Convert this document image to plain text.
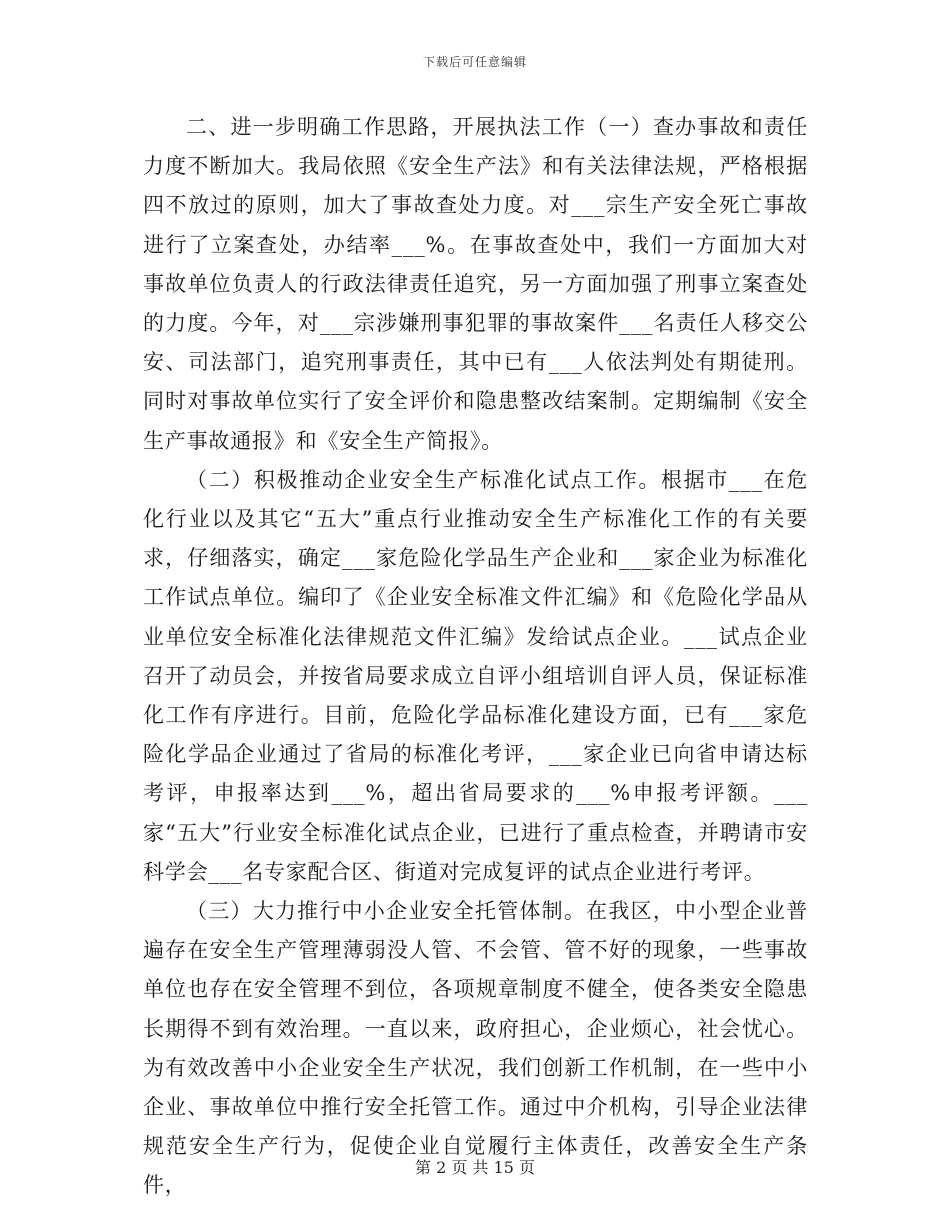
下载后可任意编辑

二、进一步明确工作思路，开展执法工作（一）查办事故和责任力度不断加大。我局依照《安全生产法》和有关法律法规，严格根据四不放过的原则，加大了事故查处力度。对___宗生产安全死亡事故进行了立案查处，办结率___%。在事故查处中，我们一方面加大对事故单位负责人的行政法律责任追究，另一方面加强了刑事立案查处的力度。今年，对___宗涉嫌刑事犯罪的事故案件___名责任人移交公安、司法部门，追究刑事责任，其中已有___人依法判处有期徒刑。同时对事故单位实行了安全评价和隐患整改结案制。定期编制《安全生产事故通报》和《安全生产简报》。

（二）积极推动企业安全生产标准化试点工作。根据市___在危化行业以及其它“五大”重点行业推动安全生产标准化工作的有关要求，仔细落实，确定___家危险化学品生产企业和___家企业为标准化工作试点单位。编印了《企业安全标准文件汇编》和《危险化学品从业单位安全标准化法律规范文件汇编》发给试点企业。___试点企业召开了动员会，并按省局要求成立自评小组培训自评人员，保证标准化工作有序进行。目前，危险化学品标准化建设方面，已有___家危险化学品企业通过了省局的标准化考评，___家企业已向省申请达标考评，申报率达到___%，超出省局要求的___%申报考评额。___家“五大”行业安全标准化试点企业，已进行了重点检查，并聘请市安科学会___名专家配合区、街道对完成复评的试点企业进行考评。

（三）大力推行中小企业安全托管体制。在我区，中小型企业普遍存在安全生产管理薄弱没人管、不会管、管不好的现象，一些事故单位也存在安全管理不到位，各项规章制度不健全，使各类安全隐患长期得不到有效治理。一直以来，政府担心，企业烦心，社会忧心。为有效改善中小企业安全生产状况，我们创新工作机制，在一些中小企业、事故单位中推行安全托管工作。通过中介机构，引导企业法律规范安全生产行为，促使企业自觉履行主体责任，改善安全生产条件，

第 2 页 共 15 页
